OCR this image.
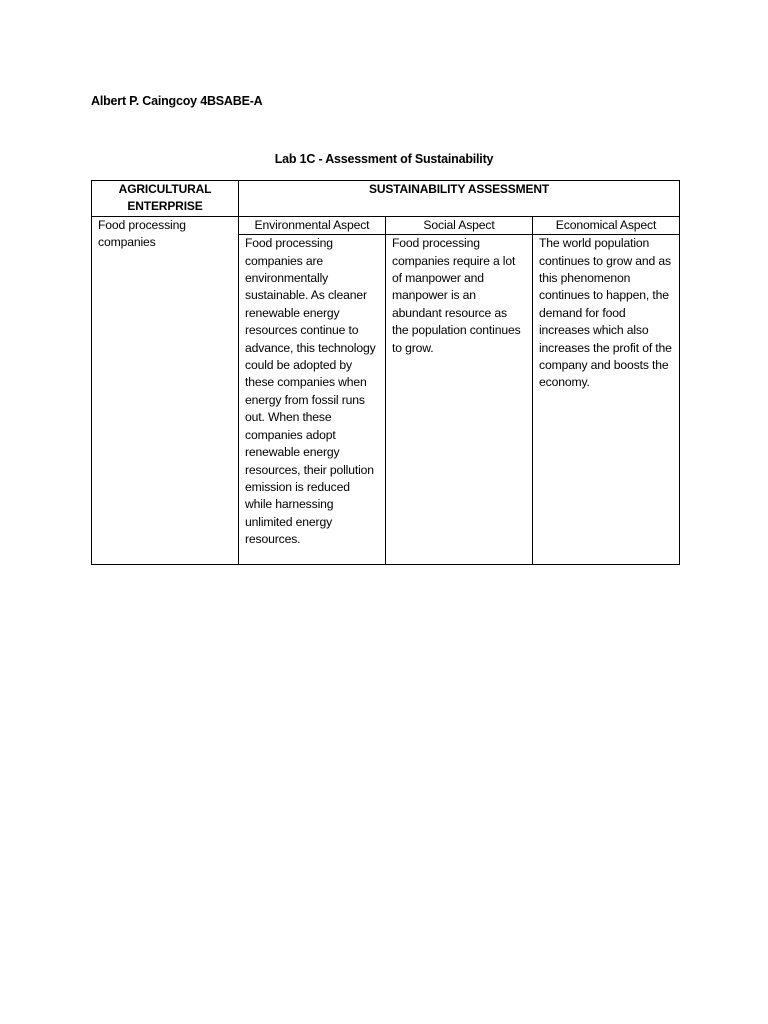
Albert P. Caingcoy 4BSABE-A
Lab 1C - Assessment of Sustainability
AGRICULTURAL ENTERPRISE	SUSTAINABILITY ASSESSMENT		

Food processing companies	Environmental Aspect	Social Aspect	Economical Aspect
	Food processing companies are environmentally sustainable. As cleaner renewable energy resources continue to advance, this technology could be adopted by these companies when energy from fossil runs out. When these companies adopt renewable energy resources, their pollution emission is reduced while harnessing unlimited energy resources.	Food processing companies require a lot of manpower and manpower is an abundant resource as the population continues to grow.	The world population continues to grow and as this phenomenon continues to happen, the demand for food increases which also increases the profit of the company and boosts the economy.
